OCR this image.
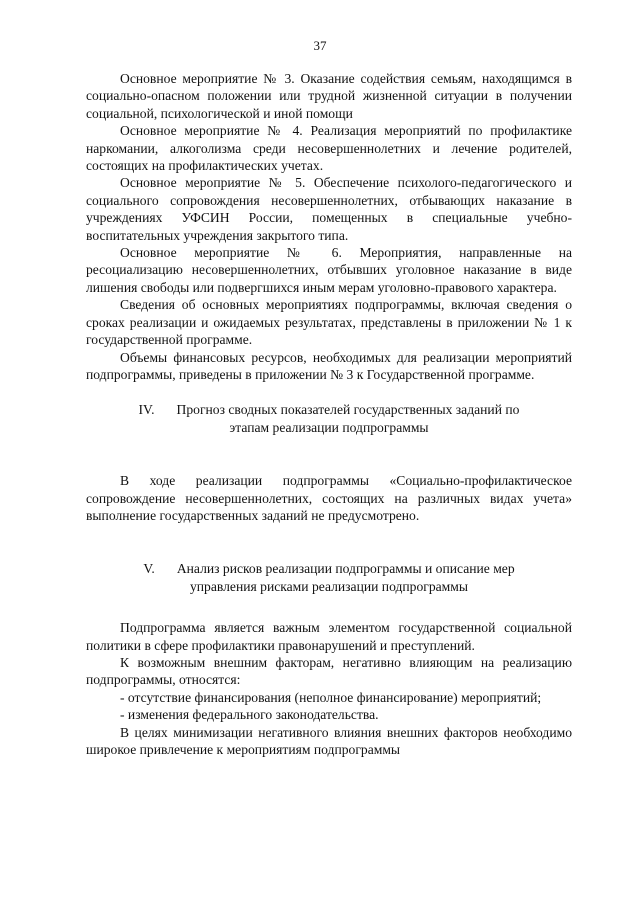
37

Основное мероприятие № 3. Оказание содействия семьям, находящимся в социально-опасном положении или трудной жизненной ситуации в получении социальной, психологической и иной помощи

Основное мероприятие № 4. Реализация мероприятий по профилактике наркомании, алкоголизма среди несовершеннолетних и лечение родителей, состоящих на профилактических учетах.

Основное мероприятие № 5. Обеспечение психолого-педагогического и социального сопровождения несовершеннолетних, отбывающих наказание в учреждениях УФСИН России, помещенных в специальные учебно- воспитательных учреждения закрытого типа.

Основное мероприятие № 6. Мероприятия, направленные на ресоциализацию несовершеннолетних, отбывших уголовное наказание в виде лишения свободы или подвергшихся иным мерам уголовно-правового характера.

Сведения об основных мероприятиях подпрограммы, включая сведения о сроках реализации и ожидаемых результатах, представлены в приложении № 1 к государственной программе.

Объемы финансовых ресурсов, необходимых для реализации мероприятий подпрограммы, приведены в приложении № 3 к Государственной программе.

IV. Прогноз сводных показателей государственных заданий по
этапам реализации подпрограммы

В ходе реализации подпрограммы «Социально-профилактическое сопровождение несовершеннолетних, состоящих на различных видах учета» выполнение государственных заданий не предусмотрено.

V. Анализ рисков реализации подпрограммы и описание мер
управления рисками реализации подпрограммы

Подпрограмма является важным элементом государственной социальной политики в сфере профилактики правонарушений и преступлений.

К возможным внешним факторам, негативно влияющим на реализацию подпрограммы, относятся:

- отсутствие финансирования (неполное финансирование) мероприятий;

- изменения федерального законодательства.

В целях минимизации негативного влияния внешних факторов необходимо широкое привлечение к мероприятиям подпрограммы
